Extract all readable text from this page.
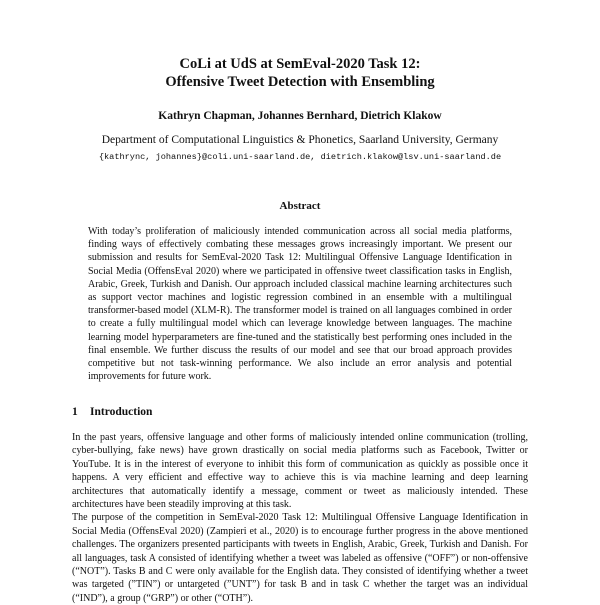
CoLi at UdS at SemEval-2020 Task 12:
Offensive Tweet Detection with Ensembling
Kathryn Chapman, Johannes Bernhard, Dietrich Klakow
Department of Computational Linguistics & Phonetics, Saarland University, Germany
{kathrync, johannes}@coli.uni-saarland.de, dietrich.klakow@lsv.uni-saarland.de
Abstract
With today’s proliferation of maliciously intended communication across all social media platforms, finding ways of effectively combating these messages grows increasingly important. We present our submission and results for SemEval-2020 Task 12: Multilingual Offensive Language Identification in Social Media (OffensEval 2020) where we participated in offensive tweet classification tasks in English, Arabic, Greek, Turkish and Danish. Our approach included classical machine learning architectures such as support vector machines and logistic regression combined in an ensemble with a multilingual transformer-based model (XLM-R). The transformer model is trained on all languages combined in order to create a fully multilingual model which can leverage knowledge between languages. The machine learning model hyperparameters are fine-tuned and the statistically best performing ones included in the final ensemble. We further discuss the results of our model and see that our broad approach provides competitive but not task-winning performance. We also include an error analysis and potential improvements for future work.
1 Introduction

In the past years, offensive language and other forms of maliciously intended online communication (trolling, cyber-bullying, fake news) have grown drastically on social media platforms such as Facebook, Twitter or YouTube. It is in the interest of everyone to inhibit this form of communication as quickly as possible once it happens. A very efficient and effective way to achieve this is via machine learning and deep learning architectures that automatically identify a message, comment or tweet as maliciously intended. These architectures have been steadily improving at this task.

The purpose of the competition in SemEval-2020 Task 12: Multilingual Offensive Language Identification in Social Media (OffensEval 2020) (Zampieri et al., 2020) is to encourage further progress in the above mentioned challenges. The organizers presented participants with tweets in English, Arabic, Greek, Turkish and Danish. For all languages, task A consisted of identifying whether a tweet was labeled as offensive (“OFF”) or non-offensive (“NOT”). Tasks B and C were only available for the English data. They consisted of identifying whether a tweet was targeted (”TIN”) or untargeted (”UNT”) for task B and in task C whether the target was an individual (“IND”), a group (“GRP”) or other (“OTH”).
